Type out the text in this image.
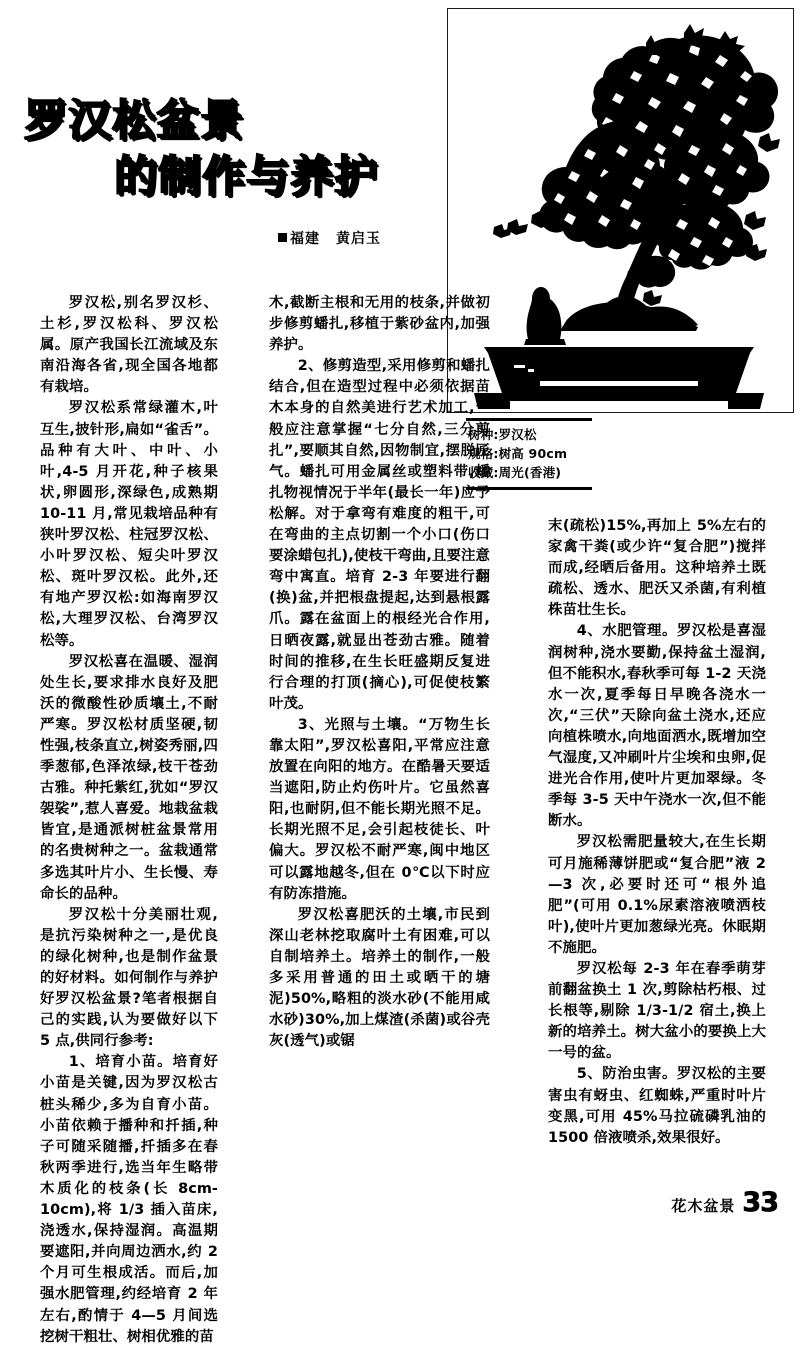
罗汉松盆景
的制作与养护
福建 黄启玉
树种:罗汉松
规格:树高 90cm
收藏:周光(香港)

罗汉松,别名罗汉杉、土杉,罗汉松科、罗汉松属。原产我国长江流域及东南沿海各省,现全国各地都有栽培。

罗汉松系常绿灌木,叶互生,披针形,扁如“雀舌”。品种有大叶、中叶、小叶,4-5 月开花,种子核果状,卵圆形,深绿色,成熟期 10-11 月,常见栽培品种有狭叶罗汉松、柱冠罗汉松、小叶罗汉松、短尖叶罗汉松、斑叶罗汉松。此外,还有地产罗汉松:如海南罗汉松,大理罗汉松、台湾罗汉松等。

罗汉松喜在温暖、湿润处生长,要求排水良好及肥沃的微酸性砂质壤土,不耐严寒。罗汉松材质坚硬,韧性强,枝条直立,树姿秀丽,四季葱郁,色泽浓绿,枝干苍劲古雅。种托紫红,犹如“罗汉袈裟”,惹人喜爱。地栽盆栽皆宜,是通派树桩盆景常用的名贵树种之一。盆栽通常多选其叶片小、生长慢、寿命长的品种。

罗汉松十分美丽壮观,是抗污染树种之一,是优良的绿化树种,也是制作盆景的好材料。如何制作与养护好罗汉松盆景?笔者根据自己的实践,认为要做好以下 5 点,供同行参考:

1、培育小苗。培育好小苗是关键,因为罗汉松古桩头稀少,多为自育小苗。小苗依赖于播种和扦插,种子可随采随播,扦插多在春秋两季进行,选当年生略带木质化的枝条(长 8cm-10cm),将 1/3 插入苗床,浇透水,保持湿润。高温期要遮阳,并向周边洒水,约 2 个月可生根成活。而后,加强水肥管理,约经培育 2 年左右,酌情于 4—5 月间选挖树干粗壮、树相优雅的苗

木,截断主根和无用的枝条,并做初步修剪蟠扎,移植于紫砂盆内,加强养护。

2、修剪造型,采用修剪和蟠扎结合,但在造型过程中必须依据苗木本身的自然美进行艺术加工,一般应注意掌握“七分自然,三分剪扎”,要顺其自然,因物制宜,摆脱匠气。蟠扎可用金属丝或塑料带,蟠扎物视情况于半年(最长一年)应予松解。对于拿弯有难度的粗干,可在弯曲的主点切割一个小口(伤口要涂蜡包扎),使枝干弯曲,且要注意弯中寓直。培育 2-3 年要进行翻(换)盆,并把根盘提起,达到悬根露爪。露在盆面上的根经光合作用,日晒夜露,就显出苍劲古雅。随着时间的推移,在生长旺盛期反复进行合理的打顶(摘心),可促使枝繁叶茂。

3、光照与土壤。“万物生长靠太阳”,罗汉松喜阳,平常应注意放置在向阳的地方。在酷暑天要适当遮阳,防止灼伤叶片。它虽然喜阳,也耐阴,但不能长期光照不足。长期光照不足,会引起枝徒长、叶偏大。罗汉松不耐严寒,闽中地区可以露地越冬,但在 0℃以下时应有防冻措施。

罗汉松喜肥沃的土壤,市民到深山老林挖取腐叶土有困难,可以自制培养土。培养土的制作,一般多采用普通的田土或晒干的塘泥)50%,略粗的淡水砂(不能用咸水砂)30%,加上煤渣(杀菌)或谷壳灰(透气)或锯

末(疏松)15%,再加上 5%左右的家禽干粪(或少许“复合肥”)搅拌而成,经晒后备用。这种培养土既疏松、透水、肥沃又杀菌,有利植株苗壮生长。

4、水肥管理。罗汉松是喜湿润树种,浇水要勤,保持盆土湿润,但不能积水,春秋季可每 1-2 天浇水一次,夏季每日早晚各浇水一次,“三伏”天除向盆土浇水,还应向植株喷水,向地面洒水,既增加空气湿度,又冲刷叶片尘埃和虫卵,促进光合作用,使叶片更加翠绿。冬季每 3-5 天中午浇水一次,但不能断水。

罗汉松需肥量较大,在生长期可月施稀薄饼肥或“复合肥”液 2—3 次,必要时还可“根外追肥”(可用 0.1%尿素溶液喷洒枝叶),使叶片更加葱绿光亮。休眠期不施肥。

罗汉松每 2-3 年在春季萌芽前翻盆换土 1 次,剪除枯朽根、过长根等,剔除 1/3-1/2 宿土,换上新的培养土。树大盆小的要换上大一号的盆。

5、防治虫害。罗汉松的主要害虫有蚜虫、红蜘蛛,严重时叶片变黑,可用 45%马拉硫磷乳油的 1500 倍液喷杀,效果很好。

花木盆景 33
